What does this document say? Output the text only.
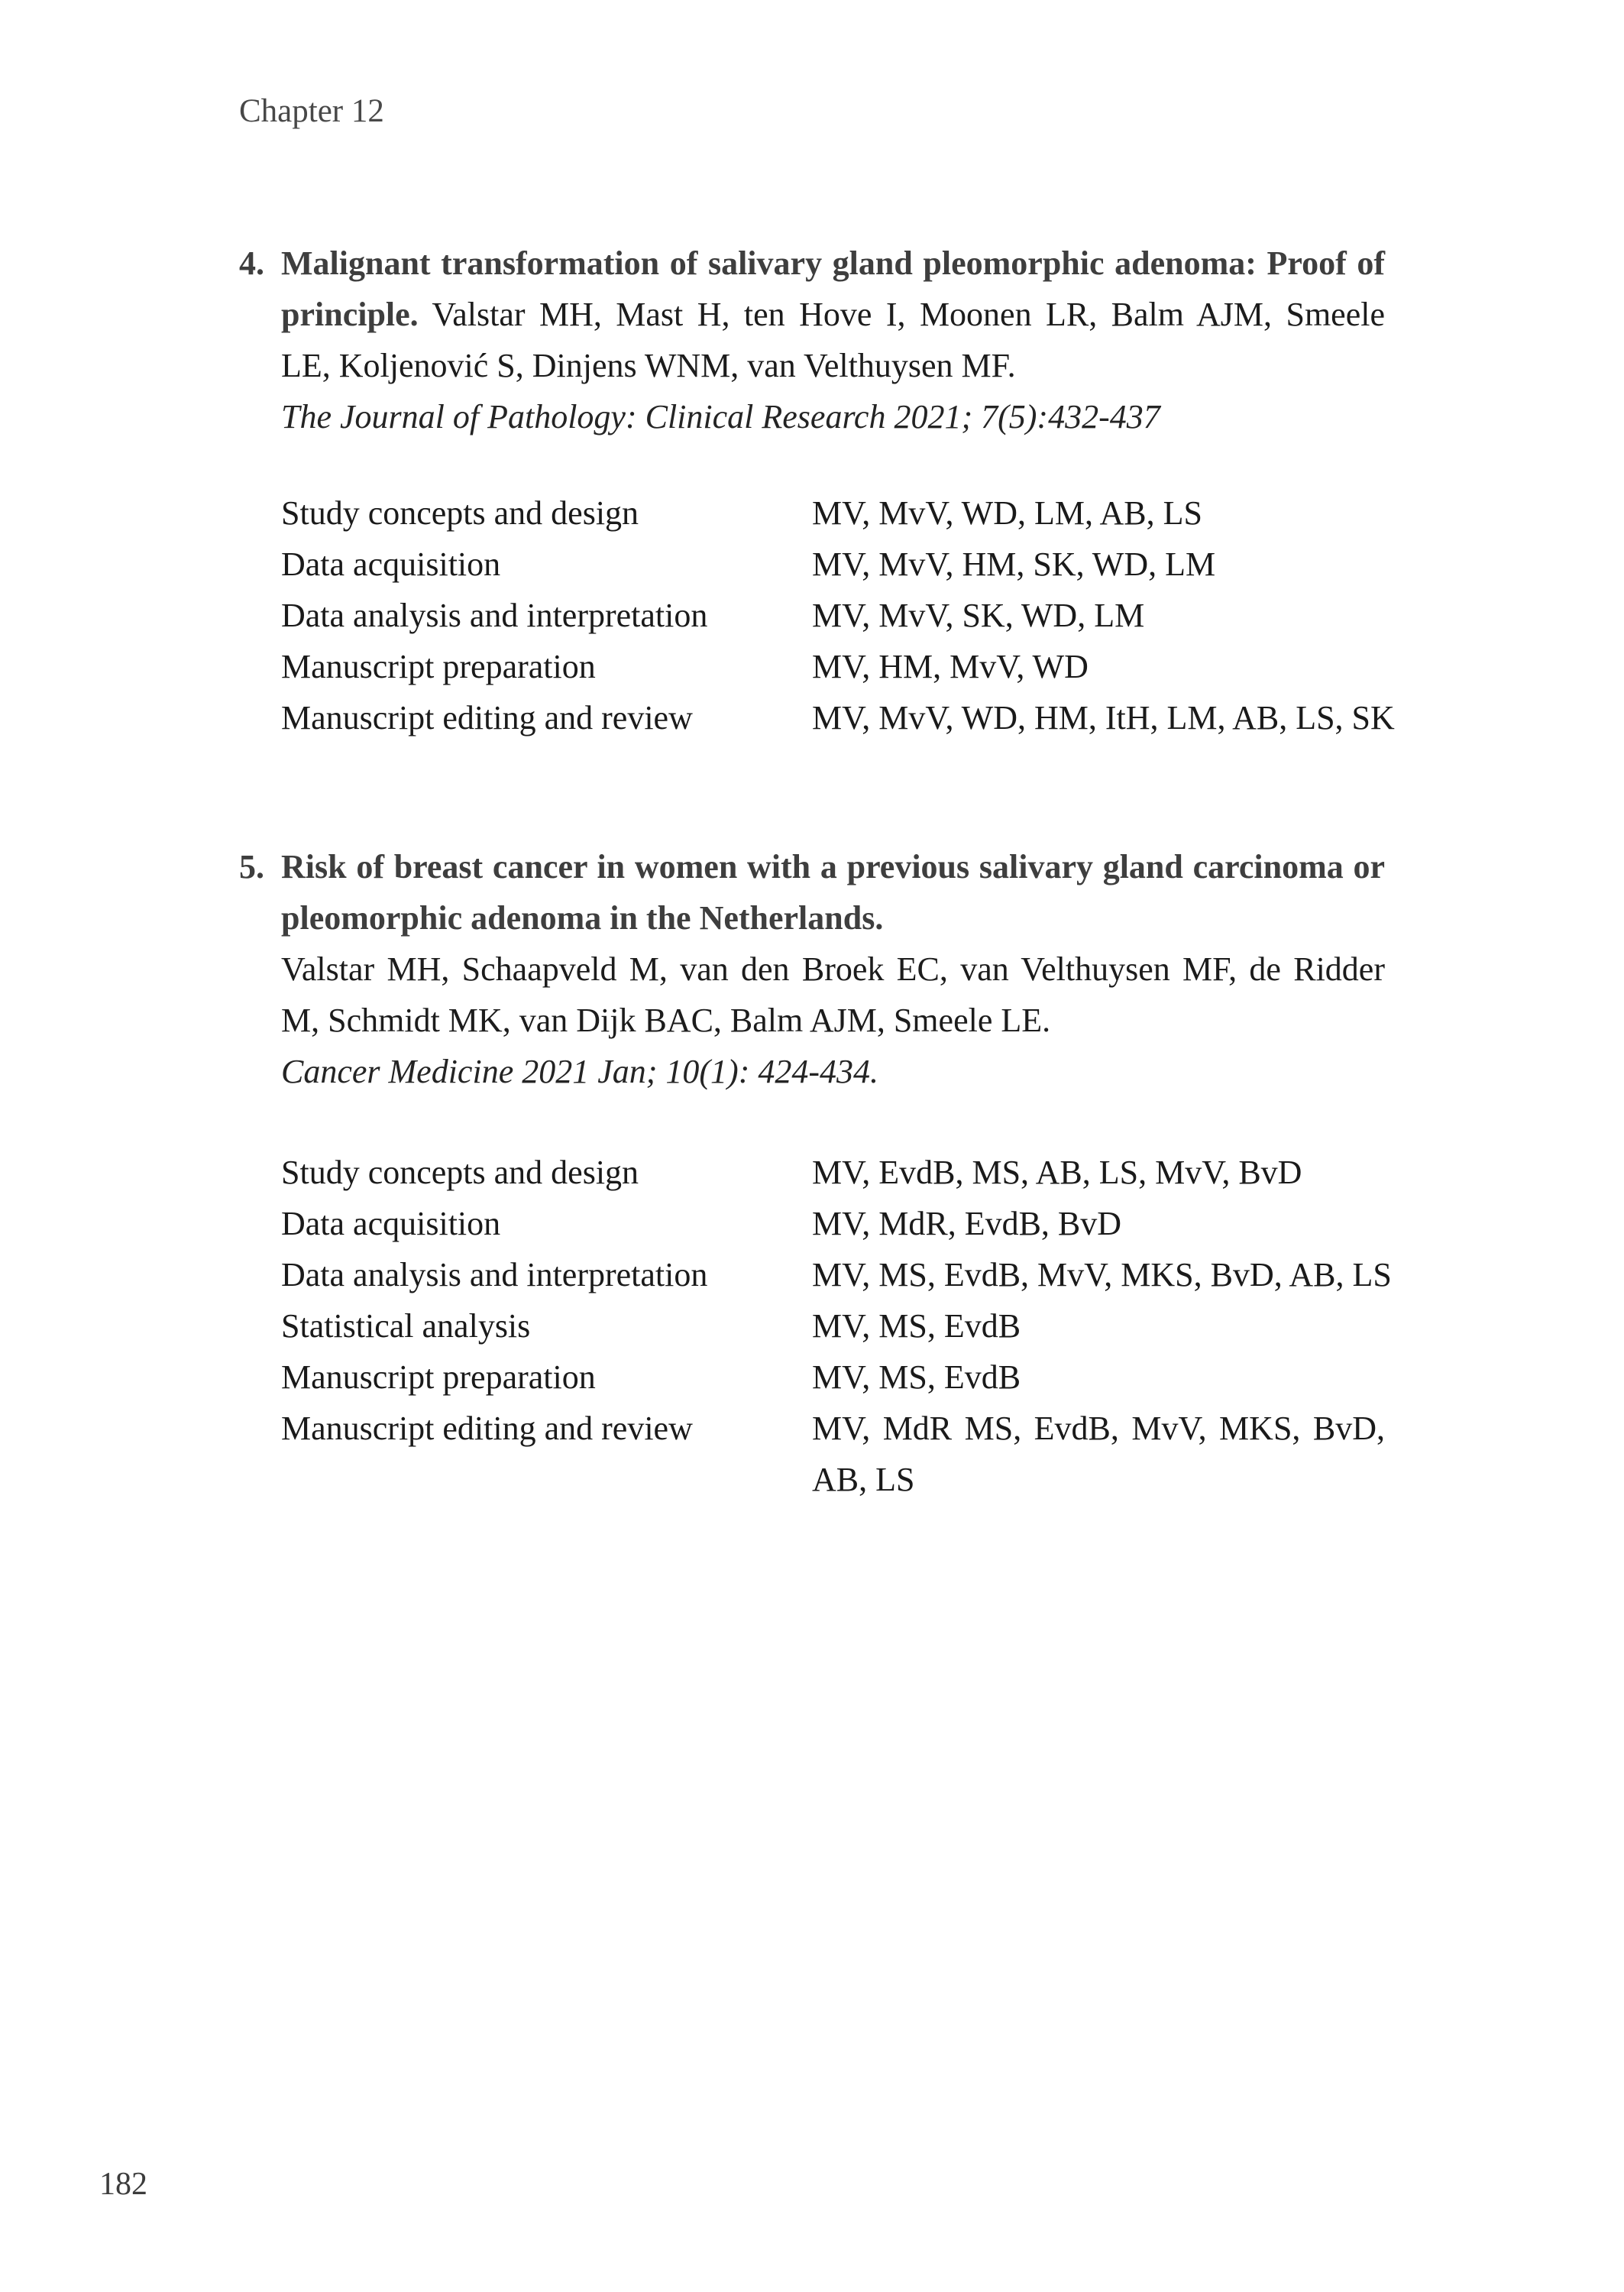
Chapter 12
4. Malignant transformation of salivary gland pleomorphic adenoma: Proof of
principle. Valstar MH, Mast H, ten Hove I, Moonen LR, Balm AJM, Smeele
LE, Koljenović S, Dinjens WNM, van Velthuysen MF.
The Journal of Pathology: Clinical Research 2021; 7(5):432-437
Study concepts and design	MV, MvV, WD, LM, AB, LS
Data acquisition	MV, MvV, HM, SK, WD, LM
Data analysis and interpretation	MV, MvV, SK, WD, LM
Manuscript preparation	MV, HM, MvV, WD
Manuscript editing and review	MV, MvV, WD, HM, ItH, LM, AB, LS, SK
5. Risk of breast cancer in women with a previous salivary gland carcinoma or
pleomorphic adenoma in the Netherlands.
Valstar MH, Schaapveld M, van den Broek EC, van Velthuysen MF, de Ridder
M, Schmidt MK, van Dijk BAC, Balm AJM, Smeele LE.
Cancer Medicine 2021 Jan; 10(1): 424-434.
Study concepts and design	MV, EvdB, MS, AB, LS, MvV, BvD
Data acquisition	MV, MdR, EvdB, BvD
Data analysis and interpretation	MV, MS, EvdB, MvV, MKS, BvD, AB, LS
Statistical analysis	MV, MS, EvdB
Manuscript preparation	MV, MS, EvdB
Manuscript editing and review	MV, MdR MS, EvdB, MvV, MKS, BvD,
AB, LS
182
